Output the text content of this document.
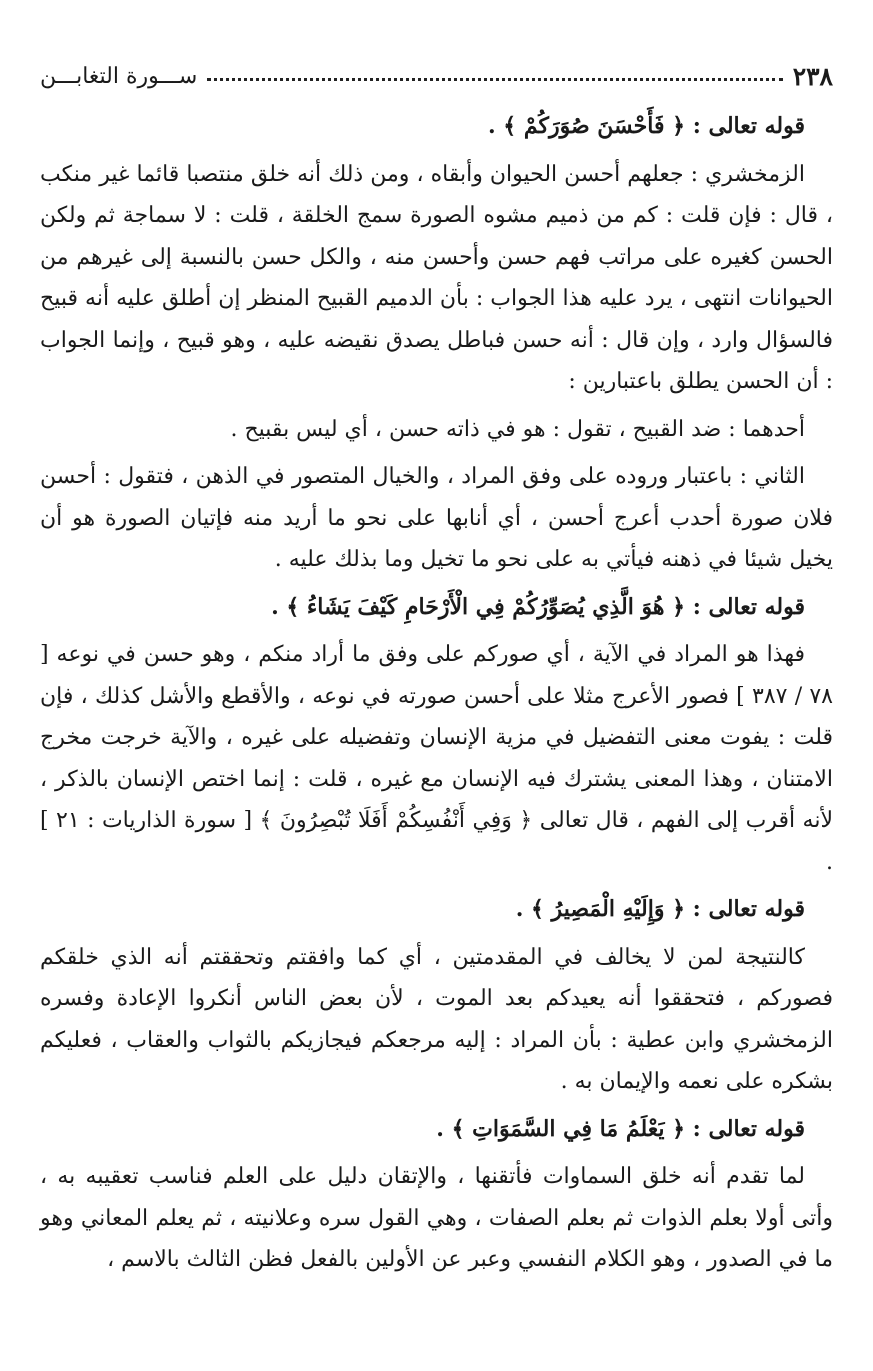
٢٣٨
ســـورة التغابـــن

قوله تعالى : ﴿ فَأَحْسَنَ صُوَرَكُمْ ﴾ .

الزمخشري : جعلهم أحسن الحيوان وأبقاه ، ومن ذلك أنه خلق منتصبا قائما غير منكب ، قال : فإن قلت : كم من ذميم مشوه الصورة سمج الخلقة ، قلت : لا سماجة ثم ولكن الحسن كغيره على مراتب فهم حسن وأحسن منه ، والكل حسن بالنسبة إلى غيرهم من الحيوانات انتهى ، يرد عليه هذا الجواب : بأن الدميم القبيح المنظر إن أطلق عليه أنه قبيح فالسؤال وارد ، وإن قال : أنه حسن فباطل يصدق نقيضه عليه ، وهو قبيح ، وإنما الجواب : أن الحسن يطلق باعتبارين :

أحدهما : ضد القبيح ، تقول : هو في ذاته حسن ، أي ليس بقبيح .

الثاني : باعتبار وروده على وفق المراد ، والخيال المتصور في الذهن ، فتقول : أحسن فلان صورة أحدب أعرج أحسن ، أي أنابها على نحو ما أريد منه فإتيان الصورة هو أن يخيل شيئا في ذهنه فيأتي به على نحو ما تخيل وما بذلك عليه .

قوله تعالى : ﴿ هُوَ الَّذِي يُصَوِّرُكُمْ فِي الْأَرْحَامِ كَيْفَ يَشَاءُ ﴾ .

فهذا هو المراد في الآية ، أي صوركم على وفق ما أراد منكم ، وهو حسن في نوعه [ ٧٨ / ٣٨٧ ] فصور الأعرج مثلا على أحسن صورته في نوعه ، والأقطع والأشل كذلك ، فإن قلت : يفوت معنى التفضيل في مزية الإنسان وتفضيله على غيره ، والآية خرجت مخرج الامتنان ، وهذا المعنى يشترك فيه الإنسان مع غيره ، قلت : إنما اختص الإنسان بالذكر ، لأنه أقرب إلى الفهم ، قال تعالى ﴿ وَفِي أَنْفُسِكُمْ أَفَلَا تُبْصِرُونَ ﴾ [ سورة الذاريات : ٢١ ] .

قوله تعالى : ﴿ وَإِلَيْهِ الْمَصِيرُ ﴾ .

كالنتيجة لمن لا يخالف في المقدمتين ، أي كما وافقتم وتحققتم أنه الذي خلقكم فصوركم ، فتحققوا أنه يعيدكم بعد الموت ، لأن بعض الناس أنكروا الإعادة وفسره الزمخشري وابن عطية : بأن المراد : إليه مرجعكم فيجازيكم بالثواب والعقاب ، فعليكم بشكره على نعمه والإيمان به .

قوله تعالى : ﴿ يَعْلَمُ مَا فِي السَّمَوَاتِ ﴾ .

لما تقدم أنه خلق السماوات فأتقنها ، والإتقان دليل على العلم فناسب تعقيبه به ، وأتى أولا بعلم الذوات ثم بعلم الصفات ، وهي القول سره وعلانيته ، ثم يعلم المعاني وهو ما في الصدور ، وهو الكلام النفسي وعبر عن الأولين بالفعل فظن الثالث بالاسم ،
